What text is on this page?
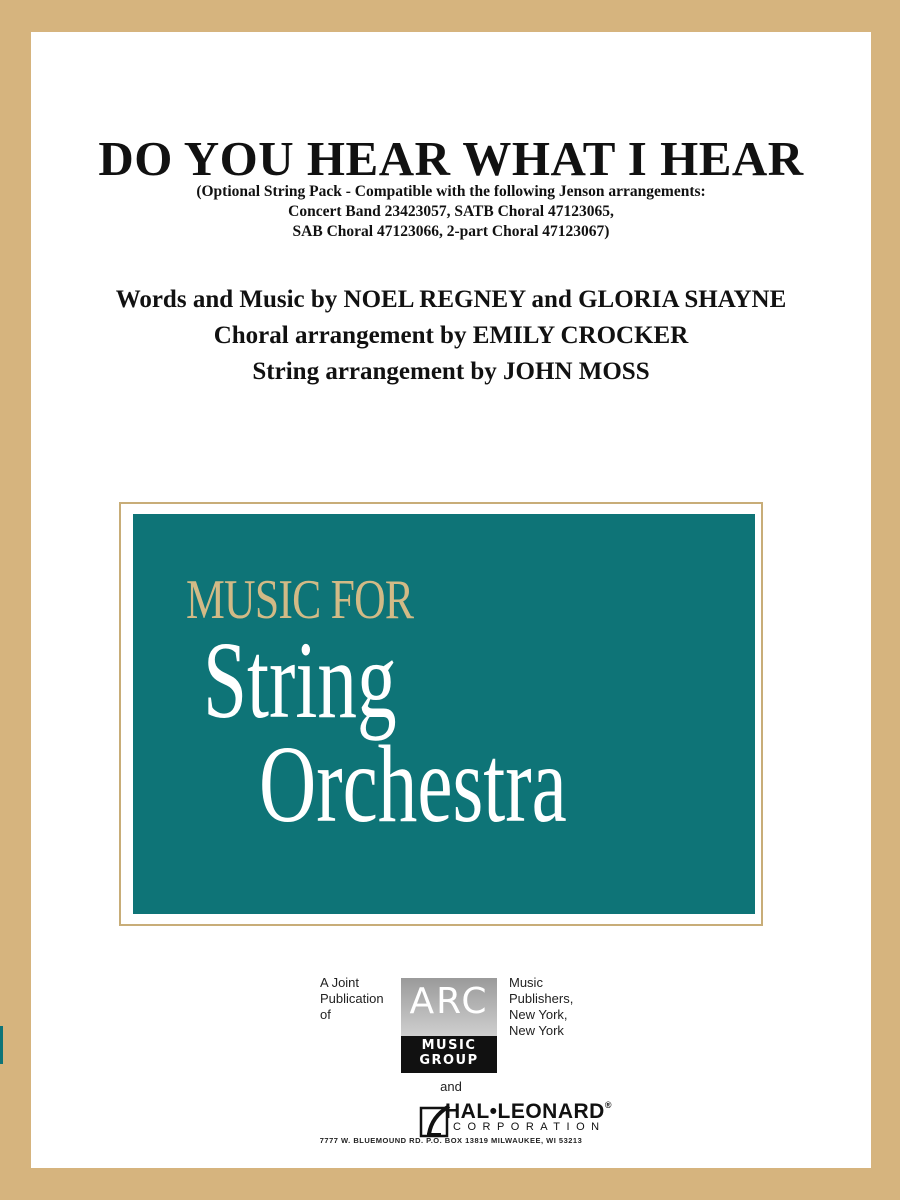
DO YOU HEAR WHAT I HEAR
(Optional String Pack - Compatible with the following Jenson arrangements:
Concert Band 23423057, SATB Choral 47123065,
SAB Choral 47123066, 2-part Choral 47123067)
Words and Music by NOEL REGNEY and GLORIA SHAYNE
Choral arrangement by EMILY CROCKER
String arrangement by JOHN MOSS
MUSIC FOR
String
Orchestra
A Joint
Publication
of	ARC
MUSIC
GROUP
Music
Publishers,
New York,
New York
and
HAL•LEONARD®
CORPORATION
7777 W. BLUEMOUND RD. P.O. BOX 13819 MILWAUKEE, WI 53213
